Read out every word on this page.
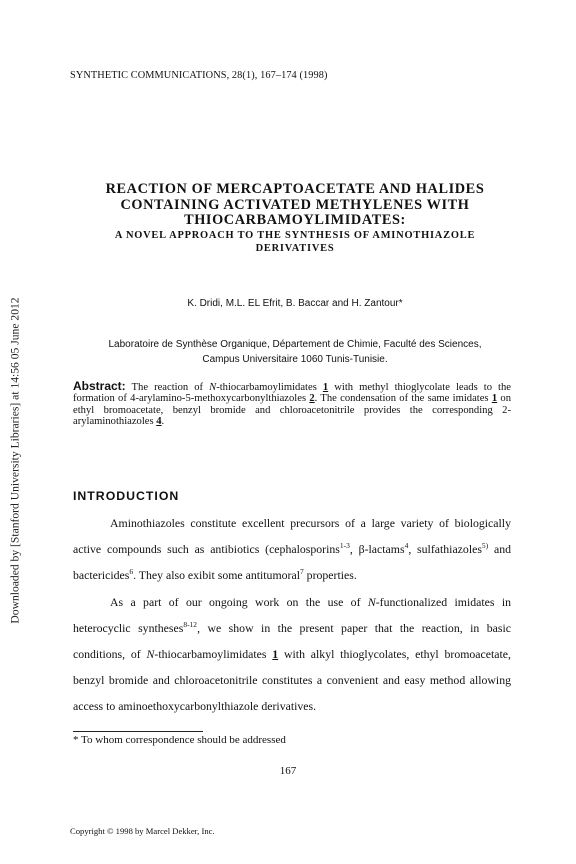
Downloaded by [Stanford University Libraries] at 14:56 05 June 2012
SYNTHETIC COMMUNICATIONS, 28(1), 167–174 (1998)
REACTION OF MERCAPTOACETATE AND HALIDES
CONTAINING ACTIVATED METHYLENES WITH
THIOCARBAMOYLIMIDATES:
A NOVEL APPROACH TO THE SYNTHESIS OF AMINOTHIAZOLE
DERIVATIVES
K. Dridi, M.L. EL Efrit, B. Baccar and H. Zantour*
Laboratoire de Synthèse Organique, Département de Chimie, Faculté des Sciences,
Campus Universitaire 1060 Tunis-Tunisie.
Abstract: The reaction of N-thiocarbamoylimidates 1 with methyl thioglycolate leads to the formation of 4-arylamino-5-methoxycarbonylthiazoles 2. The condensation of the same imidates 1 on ethyl bromoacetate, benzyl bromide and chloroacetonitrile provides the corresponding 2-arylaminothiazoles 4.
INTRODUCTION

Aminothiazoles constitute excellent precursors of a large variety of biologically active compounds such as antibiotics (cephalosporins$^{1-3}$, β-lactams$^4$, sulfathiazoles$^{5)}$ and bactericides$^6$. They also exibit some antitumoral$^7$ properties.

As a part of our ongoing work on the use of N-functionalized imidates in heterocyclic syntheses$^{8-12}$, we show in the present paper that the reaction, in basic conditions, of N-thiocarbamoylimidates 1 with alkyl thioglycolates, ethyl bromoacetate, benzyl bromide and chloroacetonitrile constitutes a convenient and easy method allowing access to aminoethoxycarbonylthiazole derivatives.

* To whom correspondence should be addressed
167
Copyright © 1998 by Marcel Dekker, Inc.
